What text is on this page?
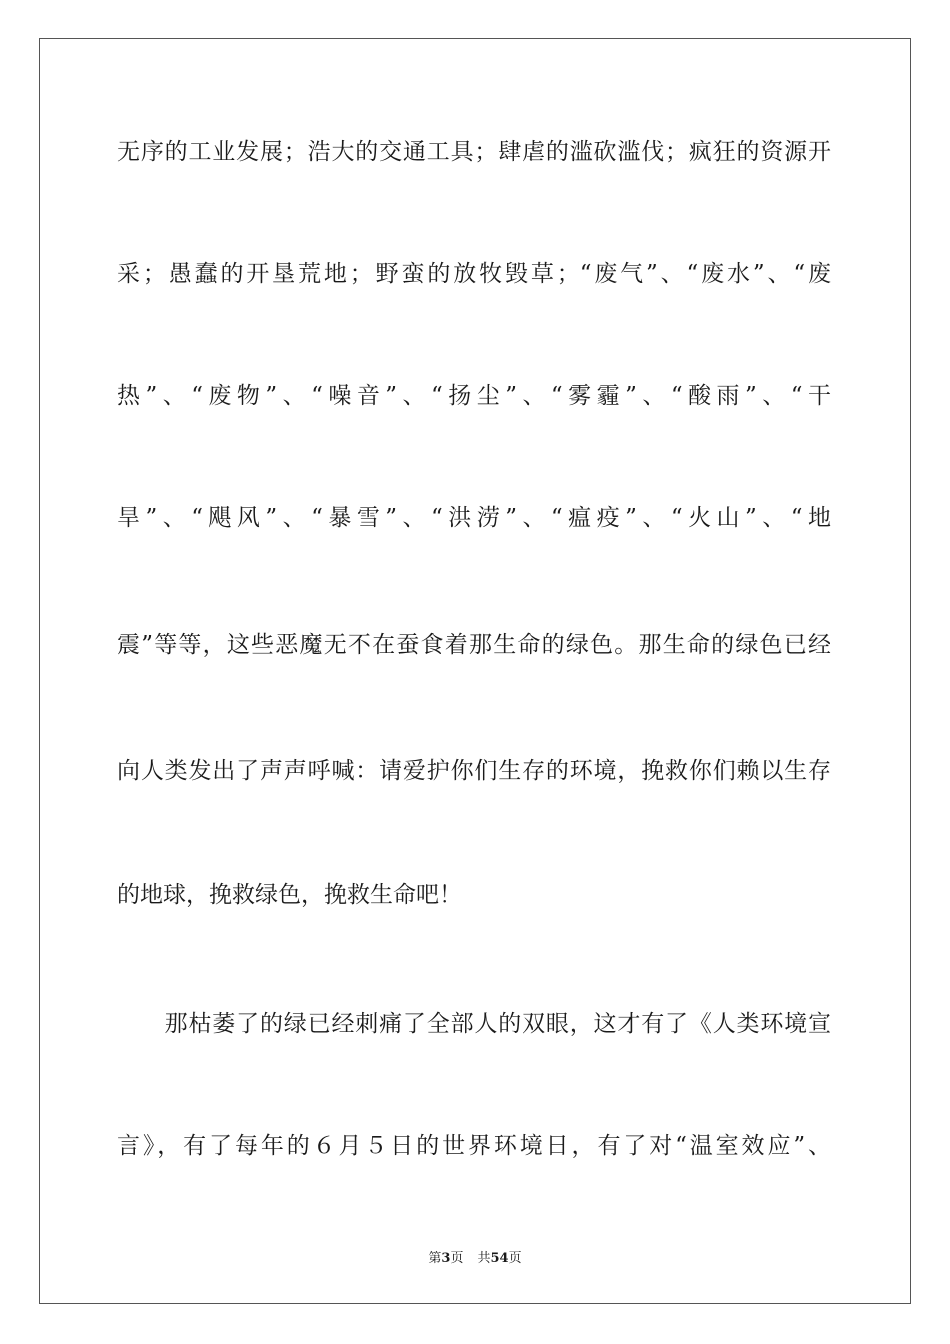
无序的工业发展；浩大的交通工具；肆虐的滥砍滥伐；疯狂的资源开
采；愚蠢的开垦荒地；野蛮的放牧毁草；“废气”、“废水”、“废
热”、“废物”、“噪音”、“扬尘”、“雾霾”、“酸雨”、“干
旱”、“飓风”、“暴雪”、“洪涝”、“瘟疫”、“火山”、“地
震”等等，这些恶魔无不在蚕食着那生命的绿色。那生命的绿色已经
向人类发出了声声呼喊：请爱护你们生存的环境，挽救你们赖以生存
的地球，挽救绿色，挽救生命吧！
　　那枯萎了的绿已经刺痛了全部人的双眼，这才有了《人类环境宣
言》，有了每年的６月５日的世界环境日，有了对“温室效应”、
第3页 共54页
